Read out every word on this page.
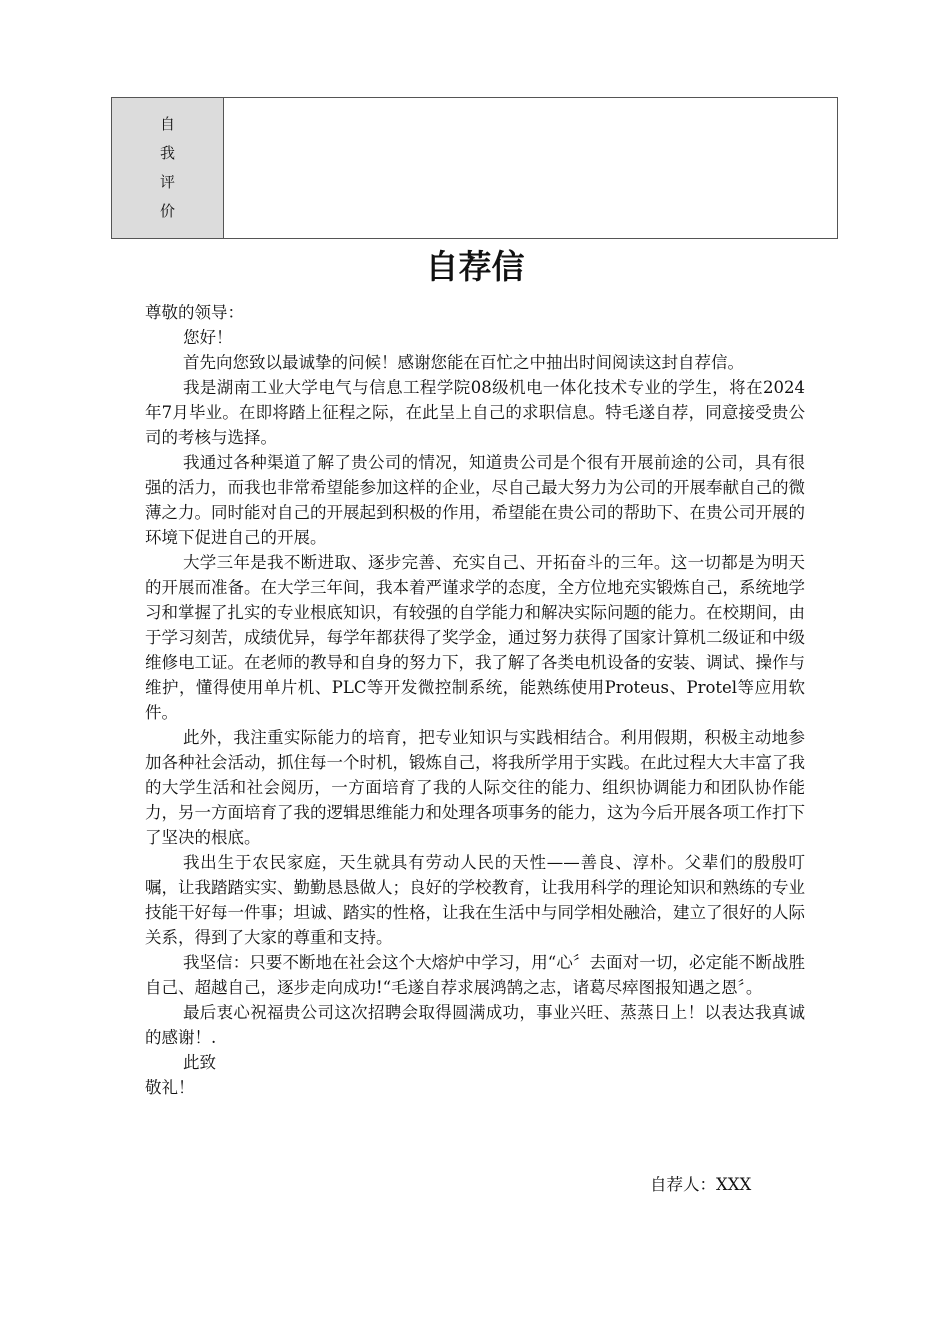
自
我
评
价
自荐信

尊敬的领导：

您好！

首先向您致以最诚挚的问候！感谢您能在百忙之中抽出时间阅读这封自荐信。

我是湖南工业大学电气与信息工程学院08级机电一体化技术专业的学生，将在2024年7月毕业。在即将踏上征程之际，在此呈上自己的求职信息。特毛遂自荐，同意接受贵公司的考核与选择。

我通过各种渠道了解了贵公司的情况，知道贵公司是个很有开展前途的公司，具有很强的活力，而我也非常希望能参加这样的企业，尽自己最大努力为公司的开展奉献自己的微薄之力。同时能对自己的开展起到积极的作用，希望能在贵公司的帮助下、在贵公司开展的环境下促进自己的开展。

大学三年是我不断进取、逐步完善、充实自己、开拓奋斗的三年。这一切都是为明天的开展而准备。在大学三年间，我本着严谨求学的态度，全方位地充实锻炼自己，系统地学习和掌握了扎实的专业根底知识，有较强的自学能力和解决实际问题的能力。在校期间，由于学习刻苦，成绩优异，每学年都获得了奖学金，通过努力获得了国家计算机二级证和中级维修电工证。在老师的教导和自身的努力下，我了解了各类电机设备的安装、调试、操作与维护，懂得使用单片机、PLC等开发微控制系统，能熟练使用Proteus、Protel等应用软件。

此外，我注重实际能力的培育，把专业知识与实践相结合。利用假期，积极主动地参加各种社会活动，抓住每一个时机，锻炼自己，将我所学用于实践。在此过程大大丰富了我的大学生活和社会阅历，一方面培育了我的人际交往的能力、组织协调能力和团队协作能力，另一方面培育了我的逻辑思维能力和处理各项事务的能力，这为今后开展各项工作打下了坚决的根底。

我出生于农民家庭，天生就具有劳动人民的天性——善良、淳朴。父辈们的殷殷叮嘱，让我踏踏实实、勤勤恳恳做人；良好的学校教育，让我用科学的理论知识和熟练的专业技能干好每一件事；坦诚、踏实的性格，让我在生活中与同学相处融洽，建立了很好的人际关系，得到了大家的尊重和支持。

我坚信：只要不断地在社会这个大熔炉中学习，用“心〞去面对一切，必定能不断战胜自己、超越自己，逐步走向成功!“毛遂自荐求展鸿鹄之志，诸葛尽瘁图报知遇之恩〞。

最后衷心祝福贵公司这次招聘会取得圆满成功，事业兴旺、蒸蒸日上！以表达我真诚的感谢！.

此致

敬礼！

自荐人：XXX
